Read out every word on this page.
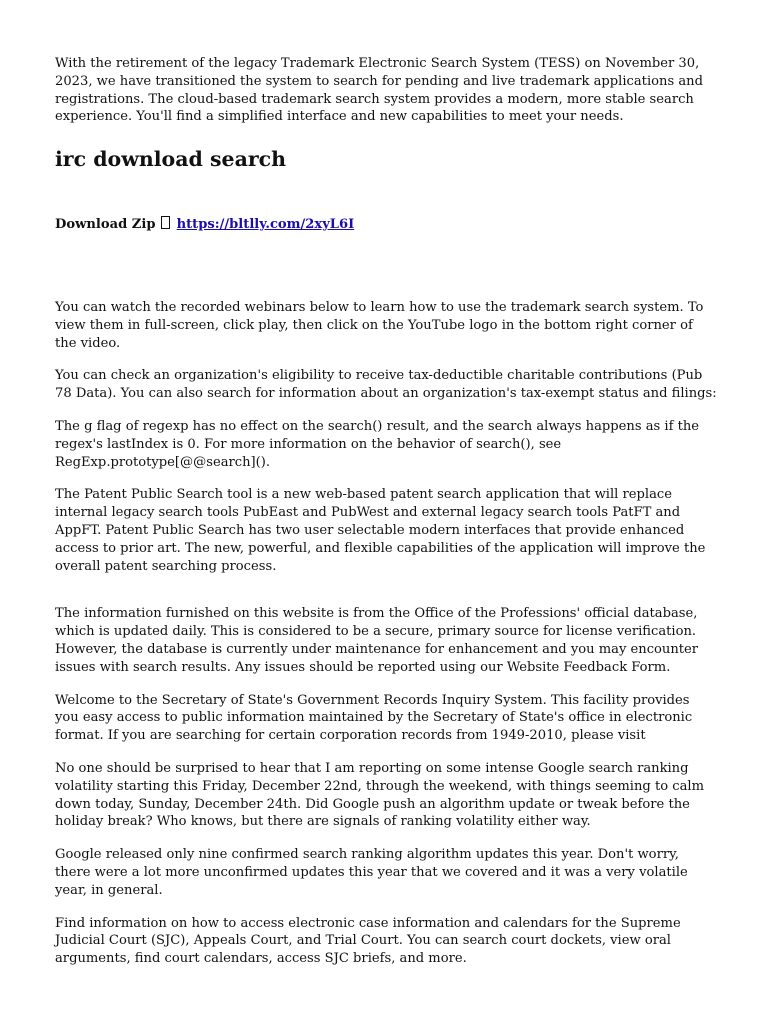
With the retirement of the legacy Trademark Electronic Search System (TESS) on November 30, 2023, we have transitioned the system to search for pending and live trademark applications and registrations. The cloud-based trademark search system provides a modern, more stable search experience. You'll find a simplified interface and new capabilities to meet your needs.

irc download search
Download Zip https://bltlly.com/2xyL6I

You can watch the recorded webinars below to learn how to use the trademark search system. To view them in full-screen, click play, then click on the YouTube logo in the bottom right corner of the video.

You can check an organization's eligibility to receive tax-deductible charitable contributions (Pub 78 Data). You can also search for information about an organization's tax-exempt status and filings:

The g flag of regexp has no effect on the search() result, and the search always happens as if the regex's lastIndex is 0. For more information on the behavior of search(), see RegExp.prototype[@@search]().

The Patent Public Search tool is a new web-based patent search application that will replace internal legacy search tools PubEast and PubWest and external legacy search tools PatFT and AppFT. Patent Public Search has two user selectable modern interfaces that provide enhanced access to prior art. The new, powerful, and flexible capabilities of the application will improve the overall patent searching process.

The information furnished on this website is from the Office of the Professions' official database, which is updated daily. This is considered to be a secure, primary source for license verification. However, the database is currently under maintenance for enhancement and you may encounter issues with search results. Any issues should be reported using our Website Feedback Form.

Welcome to the Secretary of State's Government Records Inquiry System. This facility provides you easy access to public information maintained by the Secretary of State's office in electronic format. If you are searching for certain corporation records from 1949-2010, please visit

No one should be surprised to hear that I am reporting on some intense Google search ranking volatility starting this Friday, December 22nd, through the weekend, with things seeming to calm down today, Sunday, December 24th. Did Google push an algorithm update or tweak before the holiday break? Who knows, but there are signals of ranking volatility either way.

Google released only nine confirmed search ranking algorithm updates this year. Don't worry, there were a lot more unconfirmed updates this year that we covered and it was a very volatile year, in general.

Find information on how to access electronic case information and calendars for the Supreme Judicial Court (SJC), Appeals Court, and Trial Court. You can search court dockets, view oral arguments, find court calendars, access SJC briefs, and more.
